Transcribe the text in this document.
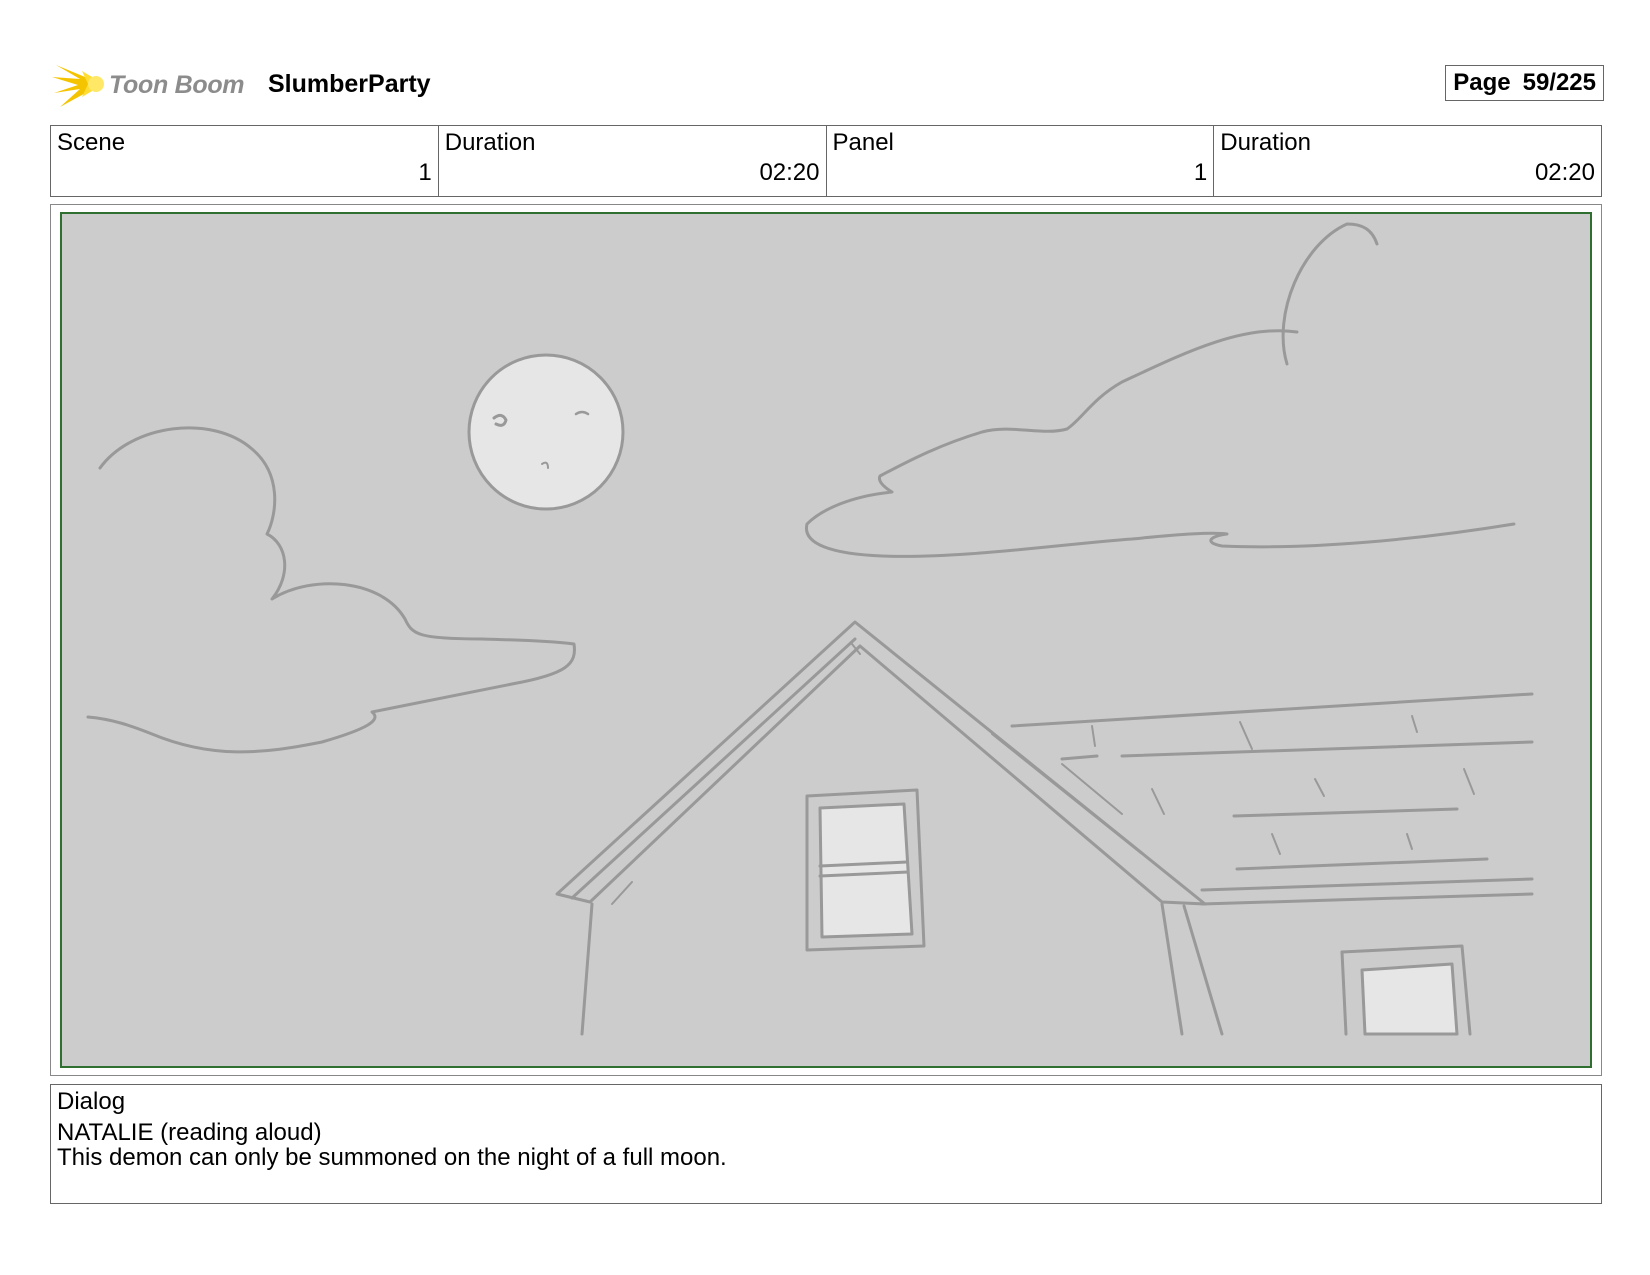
Toon Boom SlumberParty	Page 59/225
Scene
1
Duration
02:20
Panel
1
Duration
02:20
Dialog
NATALIE (reading aloud)
This demon can only be summoned on the night of a full moon.
